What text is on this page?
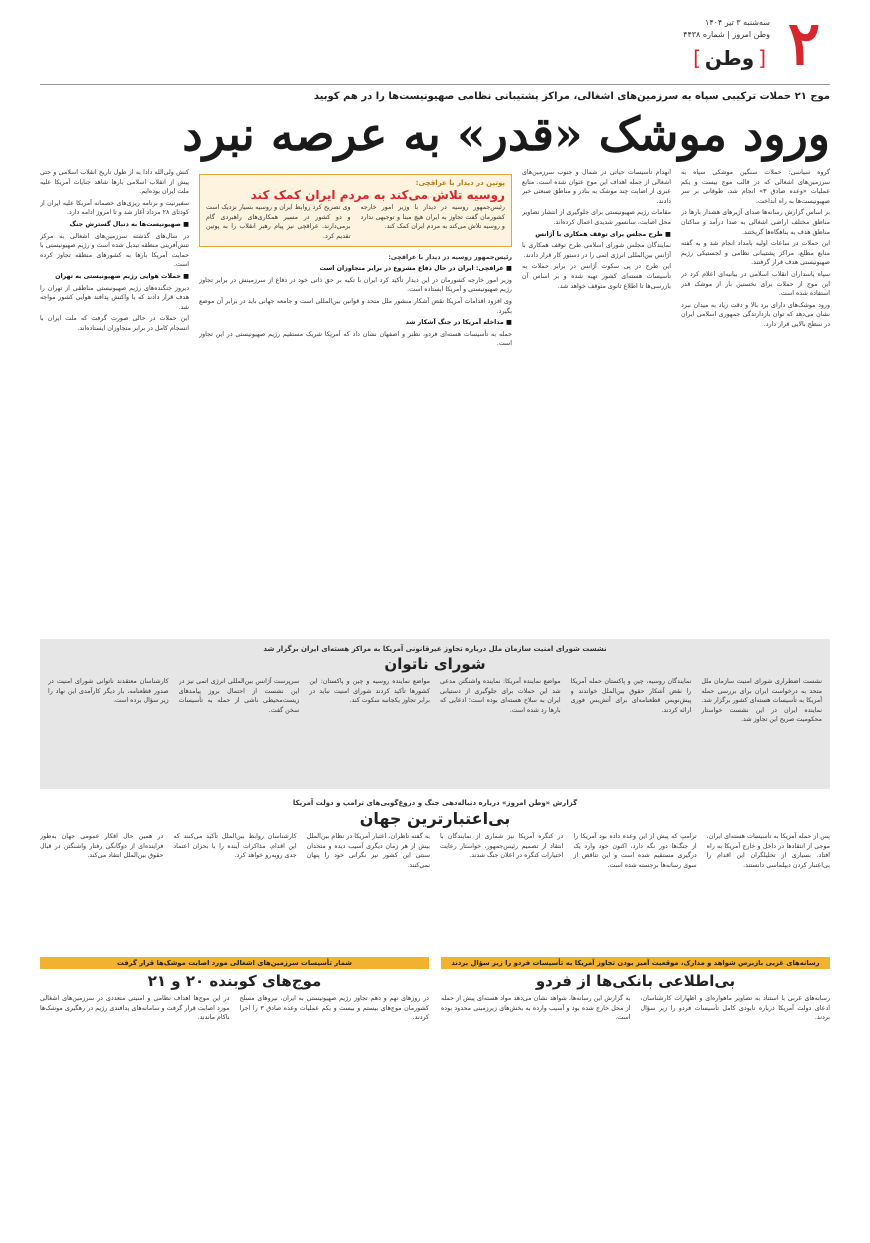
۲
سه‌شنبه ۳ تیر ۱۴۰۴
وطن امروز | شماره ۴۴۳۸
[وطن]
موج ۲۱ حملات ترکیبی سپاه به سرزمین‌های اشغالی، مراکز پشتیبانی نظامی صهیونیست‌ها را در هم کوبید
ورود موشک «قدر» به عرصه نبرد

گروه سیاسی: حملات سنگین موشکی سپاه به سرزمین‌های اشغالی که در قالب موج بیست و یکم عملیات «وعده صادق ۳» انجام شد، طوفانی بر سر صهیونیست‌ها به راه انداخت.

بر اساس گزارش رسانه‌ها صدای آژیرهای هشدار بارها در مناطق مختلف اراضی اشغالی به صدا درآمد و ساکنان مناطق هدف به پناهگاه‌ها گریختند.

این حملات در ساعات اولیه بامداد انجام شد و به گفته منابع مطلع، مراکز پشتیبانی نظامی و لجستیکی رژیم صهیونیستی هدف قرار گرفتند.

سپاه پاسداران انقلاب اسلامی در بیانیه‌ای اعلام کرد در این موج از حملات برای نخستین بار از موشک قدر استفاده شده است.

ورود موشک‌های دارای برد بالا و دقت زیاد به میدان نبرد نشان می‌دهد که توان بازدارندگی جمهوری اسلامی ایران در سطح بالایی قرار دارد.

انهدام تأسیسات حیاتی در شمال و جنوب سرزمین‌های اشغالی از جمله اهداف این موج عنوان شده است. منابع عبری از اصابت چند موشک به بنادر و مناطق صنعتی خبر دادند.

مقامات رژیم صهیونیستی برای جلوگیری از انتشار تصاویر محل اصابت، سانسور شدیدی اعمال کرده‌اند.

■ طرح مجلس برای توقف همکاری با آژانس

نمایندگان مجلس شورای اسلامی طرح توقف همکاری با آژانس بین‌المللی انرژی اتمی را در دستور کار قرار دادند.

این طرح در پی سکوت آژانس در برابر حملات به تأسیسات هسته‌ای کشور تهیه شده و بر اساس آن بازرسی‌ها تا اطلاع ثانوی متوقف خواهد شد.

پوتین در دیدار با عراقچی:
روسیه تلاش می‌کند به مردم ایران کمک کند
رئیس‌جمهور روسیه در دیدار با وزیر امور خارجه کشورمان گفت تجاوز به ایران هیچ مبنا و توجیهی ندارد و روسیه تلاش می‌کند به مردم ایران کمک کند.
وی تصریح کرد روابط ایران و روسیه بسیار نزدیک است و دو کشور در مسیر همکاری‌های راهبردی گام برمی‌دارند. عراقچی نیز پیام رهبر انقلاب را به پوتین تقدیم کرد.

رئیس‌جمهور روسیه در دیدار با عراقچی:

■ عراقچی: ایران در حال دفاع مشروع در برابر متجاوزان است

وزیر امور خارجه کشورمان در این دیدار تأکید کرد ایران با تکیه بر حق ذاتی خود در دفاع از سرزمینش در برابر تجاوز رژیم صهیونیستی و آمریکا ایستاده است.

وی افزود اقدامات آمریکا نقض آشکار منشور ملل متحد و قوانین بین‌المللی است و جامعه جهانی باید در برابر آن موضع بگیرد.

■ مداخله آمریکا در جنگ آشکار شد

حمله به تأسیسات هسته‌ای فردو، نطنز و اصفهان نشان داد که آمریکا شریک مستقیم رژیم صهیونیستی در این تجاوز است.

کنش ولی‌الله دادا به از طول تاریخ انقلاب اسلامی و حتی پیش از انقلاب اسلامی بارها شاهد جنایات آمریکا علیه ملت ایران بوده‌ایم.

سفیرنیت و برنامه ریزی‌های خصمانه آمریکا علیه ایران از کودتای ۲۸ مرداد آغاز شد و تا امروز ادامه دارد.

■ صهیونیست‌ها به دنبال گسترش جنگ

در سال‌های گذشته سرزمین‌های اشغالی به مرکز تنش‌آفرینی منطقه تبدیل شده است و رژیم صهیونیستی با حمایت آمریکا بارها به کشورهای منطقه تجاوز کرده است.

■ حملات هوایی رژیم صهیونیستی به تهران

دیروز جنگنده‌های رژیم صهیونیستی مناطقی از تهران را هدف قرار دادند که با واکنش پدافند هوایی کشور مواجه شد.

این حملات در حالی صورت گرفت که ملت ایران با انسجام کامل در برابر متجاوزان ایستاده‌اند.

نشست شورای امنیت سازمان ملل درباره تجاوز غیرقانونی آمریکا به مراکز هسته‌ای ایران برگزار شد
شورای ناتوان
نشست اضطراری شورای امنیت سازمان ملل متحد به درخواست ایران برای بررسی حمله آمریکا به تأسیسات هسته‌ای کشور برگزار شد. نماینده ایران در این نشست خواستار محکومیت صریح این تجاوز شد.
نمایندگان روسیه، چین و پاکستان حمله آمریکا را نقض آشکار حقوق بین‌الملل خواندند و پیش‌نویس قطعنامه‌ای برای آتش‌بس فوری ارائه کردند.
مواضع نماینده آمریکا: نماینده واشنگتن مدعی شد این حملات برای جلوگیری از دستیابی ایران به سلاح هسته‌ای بوده است؛ ادعایی که بارها رد شده است.
مواضع نماینده روسیه و چین و پاکستان: این کشورها تأکید کردند شورای امنیت نباید در برابر تجاوز یکجانبه سکوت کند.
سرپرست آژانس بین‌المللی انرژی اتمی نیز در این نشست از احتمال بروز پیامدهای زیست‌محیطی ناشی از حمله به تأسیسات سخن گفت.
کارشناسان معتقدند ناتوانی شورای امنیت در صدور قطعنامه، بار دیگر کارآمدی این نهاد را زیر سؤال برده است.
گزارش «وطن امروز» درباره دنباله‌دهی جنگ و دروغ‌گویی‌های ترامپ و دولت آمریکا
بی‌اعتبارترین جهان
پس از حمله آمریکا به تأسیسات هسته‌ای ایران، موجی از انتقادها در داخل و خارج آمریکا به راه افتاد. بسیاری از تحلیلگران این اقدام را بی‌اعتبار کردن دیپلماسی دانستند.
ترامپ که پیش از این وعده داده بود آمریکا را از جنگ‌ها دور نگه دارد، اکنون خود وارد یک درگیری مستقیم شده است و این تناقض از سوی رسانه‌ها برجسته شده است.
در کنگره آمریکا نیز شماری از نمایندگان با انتقاد از تصمیم رئیس‌جمهور، خواستار رعایت اختیارات کنگره در اعلان جنگ شدند.
به گفته ناظران، اعتبار آمریکا در نظام بین‌الملل بیش از هر زمان دیگری آسیب دیده و متحدان سنتی این کشور نیز نگرانی خود را پنهان نمی‌کنند.
کارشناسان روابط بین‌الملل تأکید می‌کنند که این اقدام، مذاکرات آینده را با بحران اعتماد جدی روبه‌رو خواهد کرد.
در همین حال افکار عمومی جهان به‌طور فزاینده‌ای از دوگانگی رفتار واشنگتن در قبال حقوق بین‌الملل انتقاد می‌کند.
رسانه‌های غربی بازبرس شواهد و مدارک، موقعیت آمیز بودن تجاوز آمریکا به تأسیسات فردو را زیر سؤال بردند
بی‌اطلاعی بانکی‌ها از فردو
رسانه‌های غربی با استناد به تصاویر ماهواره‌ای و اظهارات کارشناسان، ادعای دولت آمریکا درباره نابودی کامل تأسیسات فردو را زیر سؤال بردند.
به گزارش این رسانه‌ها، شواهد نشان می‌دهد مواد هسته‌ای پیش از حمله از محل خارج شده بود و آسیب وارده به بخش‌های زیرزمینی محدود بوده است.
شمار تأسیسات سرزمین‌های اشغالی مورد اصابت موشک‌ها قرار گرفت
موج‌های کوبنده ۲۰ و ۲۱
در روزهای نهم و دهم تجاوز رژیم صهیونیستی به ایران، نیروهای مسلح کشورمان موج‌های بیستم و بیست و یکم عملیات وعده صادق ۳ را اجرا کردند.
در این موج‌ها اهداف نظامی و امنیتی متعددی در سرزمین‌های اشغالی مورد اصابت قرار گرفت و سامانه‌های پدافندی رژیم در رهگیری موشک‌ها ناکام ماندند.
